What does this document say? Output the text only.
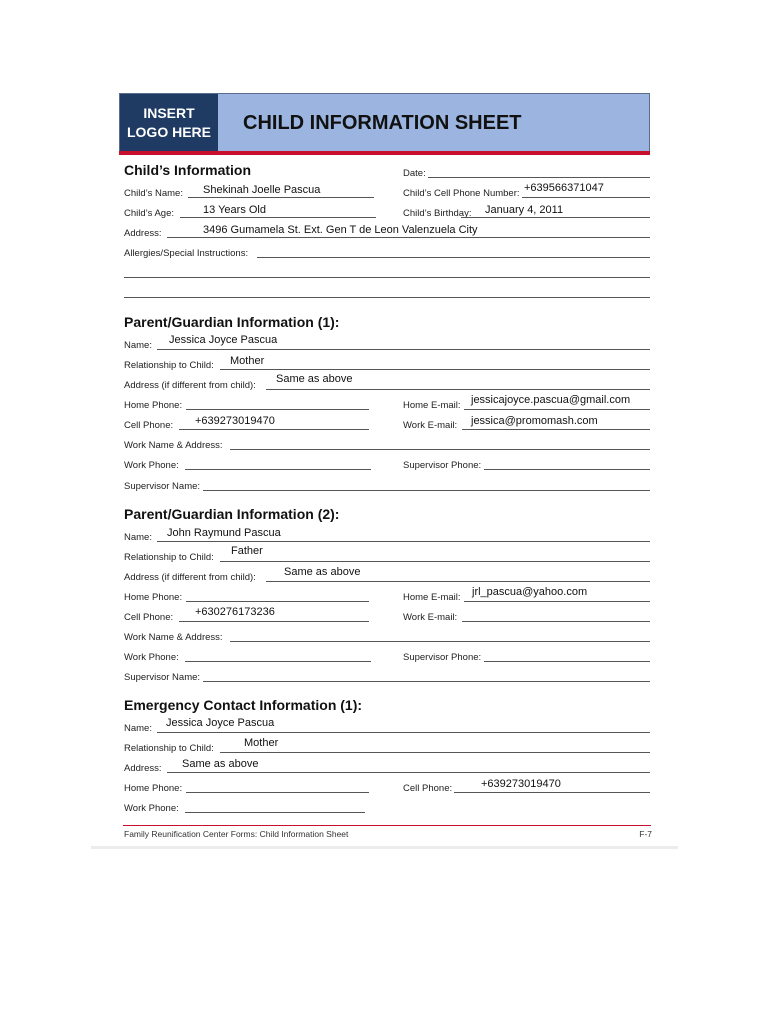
INSERT
LOGO HERE	CHILD INFORMATION SHEET
Child’s Information	Date:
Child’s Name: Shekinah Joelle Pascua	Child’s Cell Phone Number: +639566371047
Child’s Age:	13 Years Old	Child’s Birthday: January 4, 2011
Address:	3496 Gumamela St. Ext. Gen T de Leon Valenzuela City
Allergies/Special Instructions:
Parent/Guardian Information (1):
Name: Jessica Joyce Pascua
Relationship to Child: Mother
Address (if different from child):
Same as above
Home Phone:	Home E-mail: jessicajoyce.pascua@gmail.com
Cell Phone: +639273019470	Work E-mail: jessica@promomash.com
Work Name & Address:
Work Phone:	Supervisor Phone:
Supervisor Name:
Parent/Guardian Information (2):
Name: John Raymund Pascua
Relationship to Child:
Father
Address (if different from child):	Same as above
Home Phone:	Home E-mail: jrl_pascua@yahoo.com
Cell Phone: +630276173236	Work E-mail:
Work Name & Address:
Work Phone:	Supervisor Phone:
Supervisor Name:
Emergency Contact Information (1):
Name: Jessica Joyce Pascua
Relationship to Child:	Mother
Address: Same as above
Home Phone:	Cell Phone:	+639273019470
Work Phone:
Family Reunification Center Forms: Child Information Sheet	F-7
